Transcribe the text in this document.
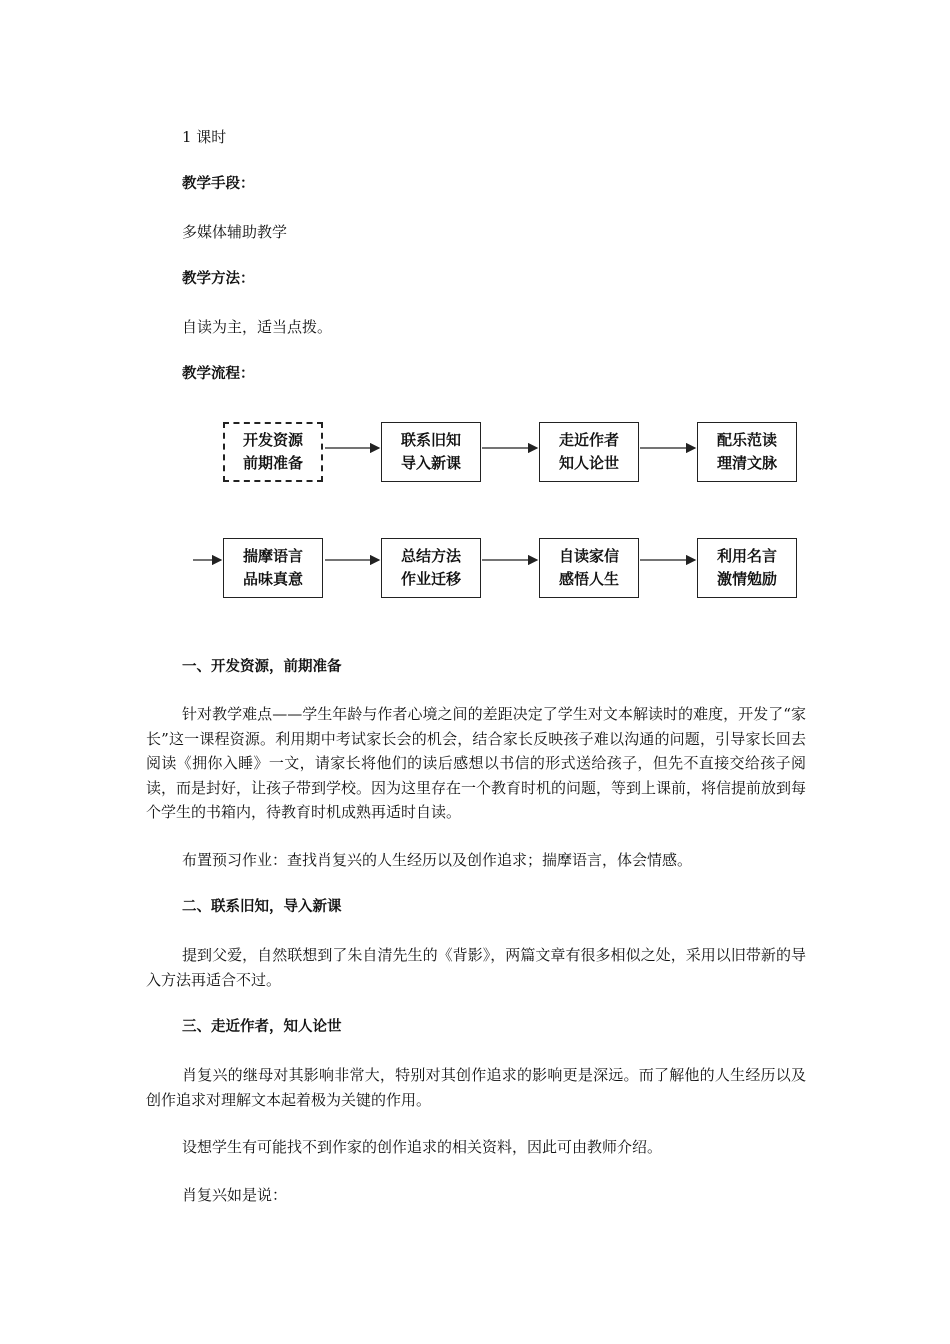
1 课时
教学手段：
多媒体辅助教学
教学方法：
自读为主，适当点拨。
教学流程：
开发资源
前期准备
联系旧知
导入新课
走近作者
知人论世
配乐范读
理清文脉
揣摩语言
品味真意
总结方法
作业迁移
自读家信
感悟人生
利用名言
激情勉励
一、开发资源，前期准备
针对教学难点——学生年龄与作者心境之间的差距决定了学生对文本解读时的难度，开发了“家长”这一课程资源。利用期中考试家长会的机会，结合家长反映孩子难以沟通的问题，引导家长回去阅读《拥你入睡》一文，请家长将他们的读后感想以书信的形式送给孩子，但先不直接交给孩子阅读，而是封好，让孩子带到学校。因为这里存在一个教育时机的问题，等到上课前，将信提前放到每个学生的书箱内，待教育时机成熟再适时自读。
布置预习作业：查找肖复兴的人生经历以及创作追求；揣摩语言，体会情感。
二、联系旧知，导入新课
提到父爱，自然联想到了朱自清先生的《背影》，两篇文章有很多相似之处，采用以旧带新的导入方法再适合不过。
三、走近作者，知人论世
肖复兴的继母对其影响非常大，特别对其创作追求的影响更是深远。而了解他的人生经历以及创作追求对理解文本起着极为关键的作用。
设想学生有可能找不到作家的创作追求的相关资料，因此可由教师介绍。
肖复兴如是说：
